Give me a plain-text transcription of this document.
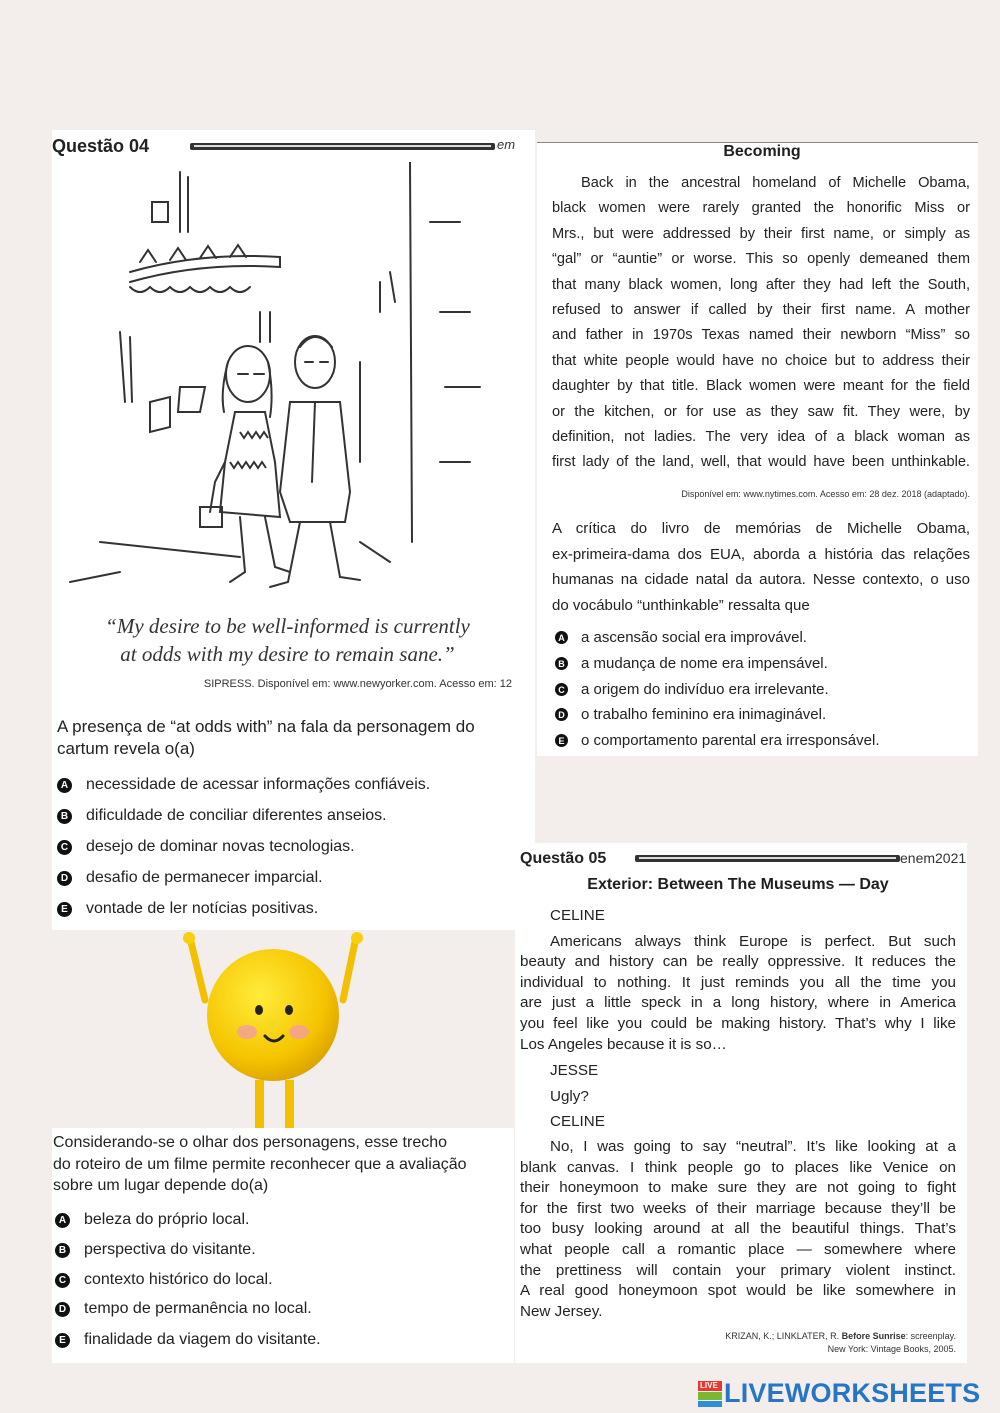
Questão 04	em
“My desire to be well-informed is currently
at odds with my desire to remain sane.”
SIPRESS. Disponível em: www.newyorker.com. Acesso em: 12
A presença de “at odds with” na fala da personagem do
cartum revela o(a)
A necessidade de acessar informações confiáveis.
B dificuldade de conciliar diferentes anseios.
C desejo de dominar novas tecnologias.
D desafio de permanecer imparcial.
E vontade de ler notícias positivas.
Becoming
Back in the ancestral homeland of Michelle Obama,
black women were rarely granted the honorific Miss or
Mrs., but were addressed by their first name, or simply as
“gal” or “auntie” or worse. This so openly demeaned them
that many black women, long after they had left the South,
refused to answer if called by their first name. A mother
and father in 1970s Texas named their newborn “Miss” so
that white people would have no choice but to address their
daughter by that title. Black women were meant for the field
or the kitchen, or for use as they saw fit. They were, by
definition, not ladies. The very idea of a black woman as
first lady of the land, well, that would have been unthinkable.
Disponível em: www.nytimes.com. Acesso em: 28 dez. 2018 (adaptado).
A crítica do livro de memórias de Michelle Obama,
ex-primeira-dama dos EUA, aborda a história das relações
humanas na cidade natal da autora. Nesse contexto, o uso
do vocábulo “unthinkable” ressalta que
A a ascensão social era improvável.
B a mudança de nome era impensável.
C a origem do indivíduo era irrelevante.
D o trabalho feminino era inimaginável.
E o comportamento parental era irresponsável.
Questão 05	enem2021
Exterior: Between The Museums — Day
CELINE
Americans always think Europe is perfect. But such
beauty and history can be really oppressive. It reduces the
individual to nothing. It just reminds you all the time you
are just a little speck in a long history, where in America
you feel like you could be making history. That’s why I like
Los Angeles because it is so…
JESSE
Ugly?
CELINE
No, I was going to say “neutral”. It’s like looking at a
blank canvas. I think people go to places like Venice on
their honeymoon to make sure they are not going to fight
for the first two weeks of their marriage because they’ll be
too busy looking around at all the beautiful things. That’s
what people call a romantic place — somewhere where
the prettiness will contain your primary violent instinct.
A real good honeymoon spot would be like somewhere in
New Jersey.
KRIZAN, K.; LINKLATER, R. Before Sunrise: screenplay.
New York: Vintage Books, 2005.
Considerando-se o olhar dos personagens, esse trecho
do roteiro de um filme permite reconhecer que a avaliação
sobre um lugar depende do(a)
A beleza do próprio local.
B perspectiva do visitante.
C contexto histórico do local.
D tempo de permanência no local.
E finalidade da viagem do visitante.
LIVE LIVEWORKSHEETS
